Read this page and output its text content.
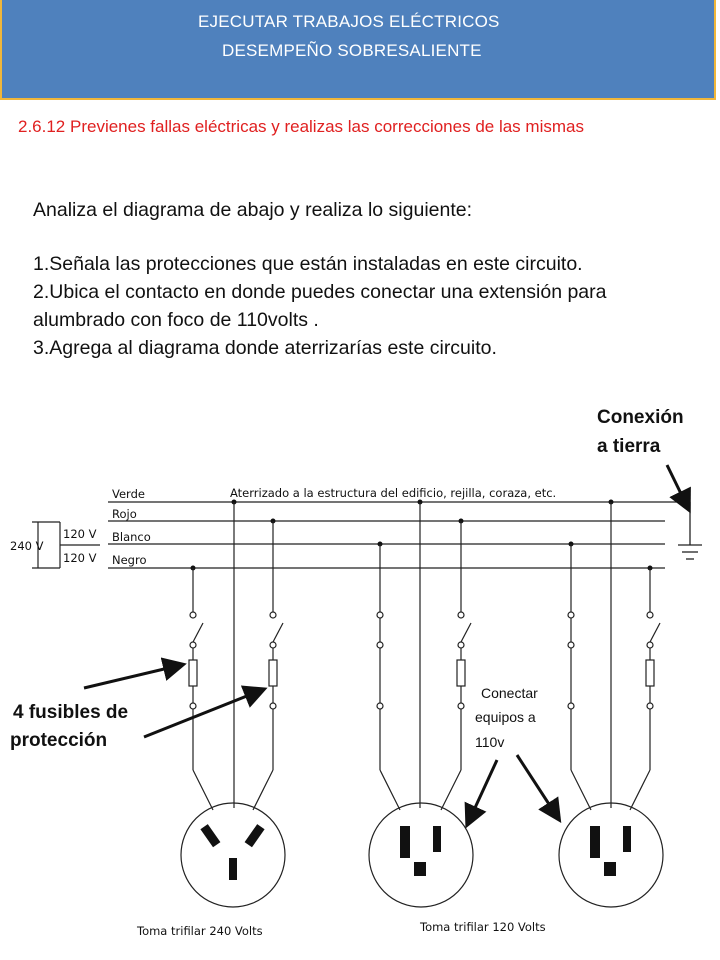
EJECUTAR TRABAJOS ELÉCTRICOS
DESEMPEÑO SOBRESALIENTE
2.6.12 Previenes fallas eléctricas y realizas las correcciones de las mismas

Analiza el diagrama de abajo y realiza lo siguiente:

1.Señala las protecciones que están instaladas en este circuito.

2.Ubica el contacto en donde puedes conectar una extensión para alumbrado con foco de 110volts .

3.Agrega al diagrama donde aterrizarías este circuito.

Verde
Rojo
Blanco
Negro
Aterrizado a la estructura del edificio, rejilla, coraza, etc.
240 V
120 V
120 V
Toma trifilar 240 Volts	Toma trifilar 120 Volts
Conexión
a tierra
4 fusibles de
protección
Conectar
equipos a
110v
